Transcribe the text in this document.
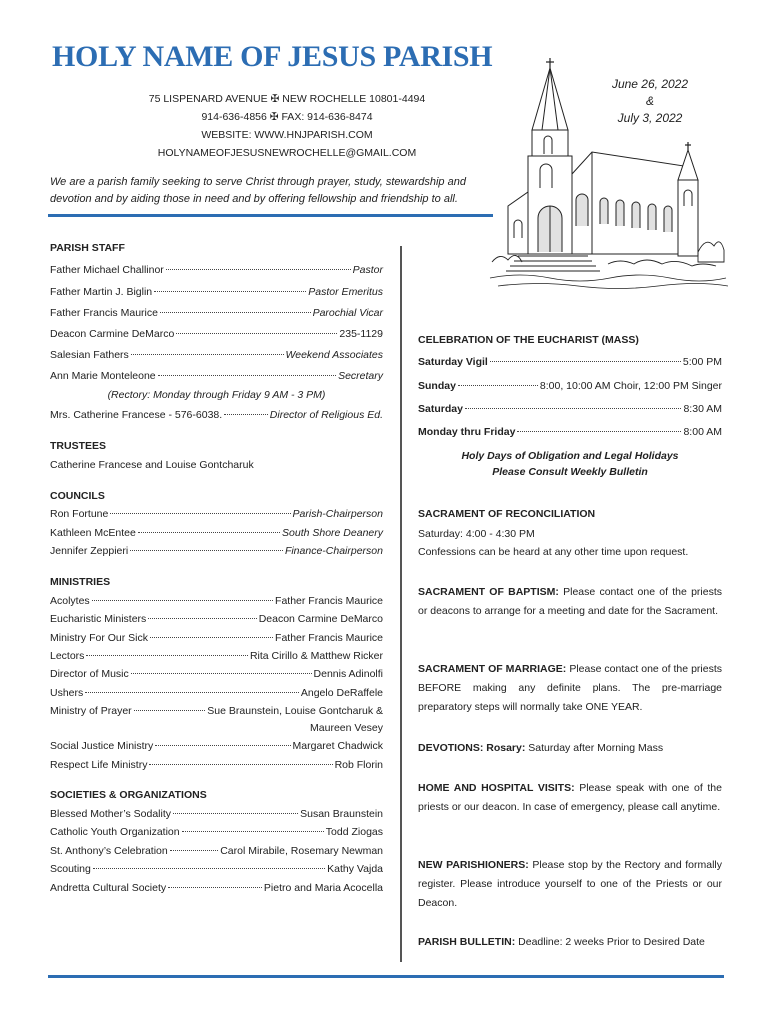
HOLY NAME OF JESUS PARISH
75 LISPENARD AVENUE ✠ NEW ROCHELLE 10801-4494
914-636-4856 ✠ FAX: 914-636-8474
WEBSITE: WWW.HNJPARISH.COM
HOLYNAMEOFJESUSNEWROCHELLE@GMAIL.COM
June 26, 2022
&
July 3, 2022
We are a parish family seeking to serve Christ through prayer, study, stewardship and devotion and by aiding those in need and by offering fellowship and friendship to all.
PARISH STAFF
Father Michael Challinor	Pastor
Father Martin J. Biglin	Pastor Emeritus
Father Francis Maurice	Parochial Vicar
Deacon Carmine DeMarco	235-1129
Salesian Fathers	Weekend Associates
Ann Marie Monteleone	Secretary
(Rectory: Monday through Friday 9 AM - 3 PM)
Mrs. Catherine Francese - 576-6038.	Director of Religious Ed.
TRUSTEES
Catherine Francese and Louise Gontcharuk
COUNCILS
Ron Fortune	Parish-Chairperson
Kathleen McEntee	South Shore Deanery
Jennifer Zeppieri	Finance-Chairperson
MINISTRIES
Acolytes	Father Francis Maurice
Eucharistic Ministers	Deacon Carmine DeMarco
Ministry For Our Sick	Father Francis Maurice
Lectors	Rita Cirillo & Matthew Ricker
Director of Music	Dennis Adinolfi
Ushers	Angelo DeRaffele
Ministry of Prayer	Sue Braunstein, Louise Gontcharuk &
Maureen Vesey
Social Justice Ministry	Margaret Chadwick
Respect Life Ministry	Rob Florin
SOCIETIES & ORGANIZATIONS
Blessed Mother’s Sodality	Susan Braunstein
Catholic Youth Organization	Todd Ziogas
St. Anthony’s Celebration	Carol Mirabile, Rosemary Newman
Scouting	Kathy Vajda
Andretta Cultural Society	Pietro and Maria Acocella
CELEBRATION OF THE EUCHARIST (MASS)
Saturday Vigil	5:00 PM
Sunday	8:00, 10:00 AM Choir, 12:00 PM Singer
Saturday	8:30 AM
Monday thru Friday	8:00 AM
Holy Days of Obligation and Legal Holidays
Please Consult Weekly Bulletin
SACRAMENT OF RECONCILIATION
Saturday: 4:00 - 4:30 PM
Confessions can be heard at any other time upon request.
SACRAMENT OF BAPTISM: Please contact one of the priests or deacons to arrange for a meeting and date for the Sacrament.
SACRAMENT OF MARRIAGE: Please contact one of the priests BEFORE making any definite plans. The pre-marriage preparatory steps will normally take ONE YEAR.
DEVOTIONS: Rosary: Saturday after Morning Mass
HOME AND HOSPITAL VISITS: Please speak with one of the priests or our deacon. In case of emergency, please call anytime.
NEW PARISHIONERS: Please stop by the Rectory and formally register. Please introduce yourself to one of the Priests or our Deacon.
PARISH BULLETIN: Deadline: 2 weeks Prior to Desired Date
